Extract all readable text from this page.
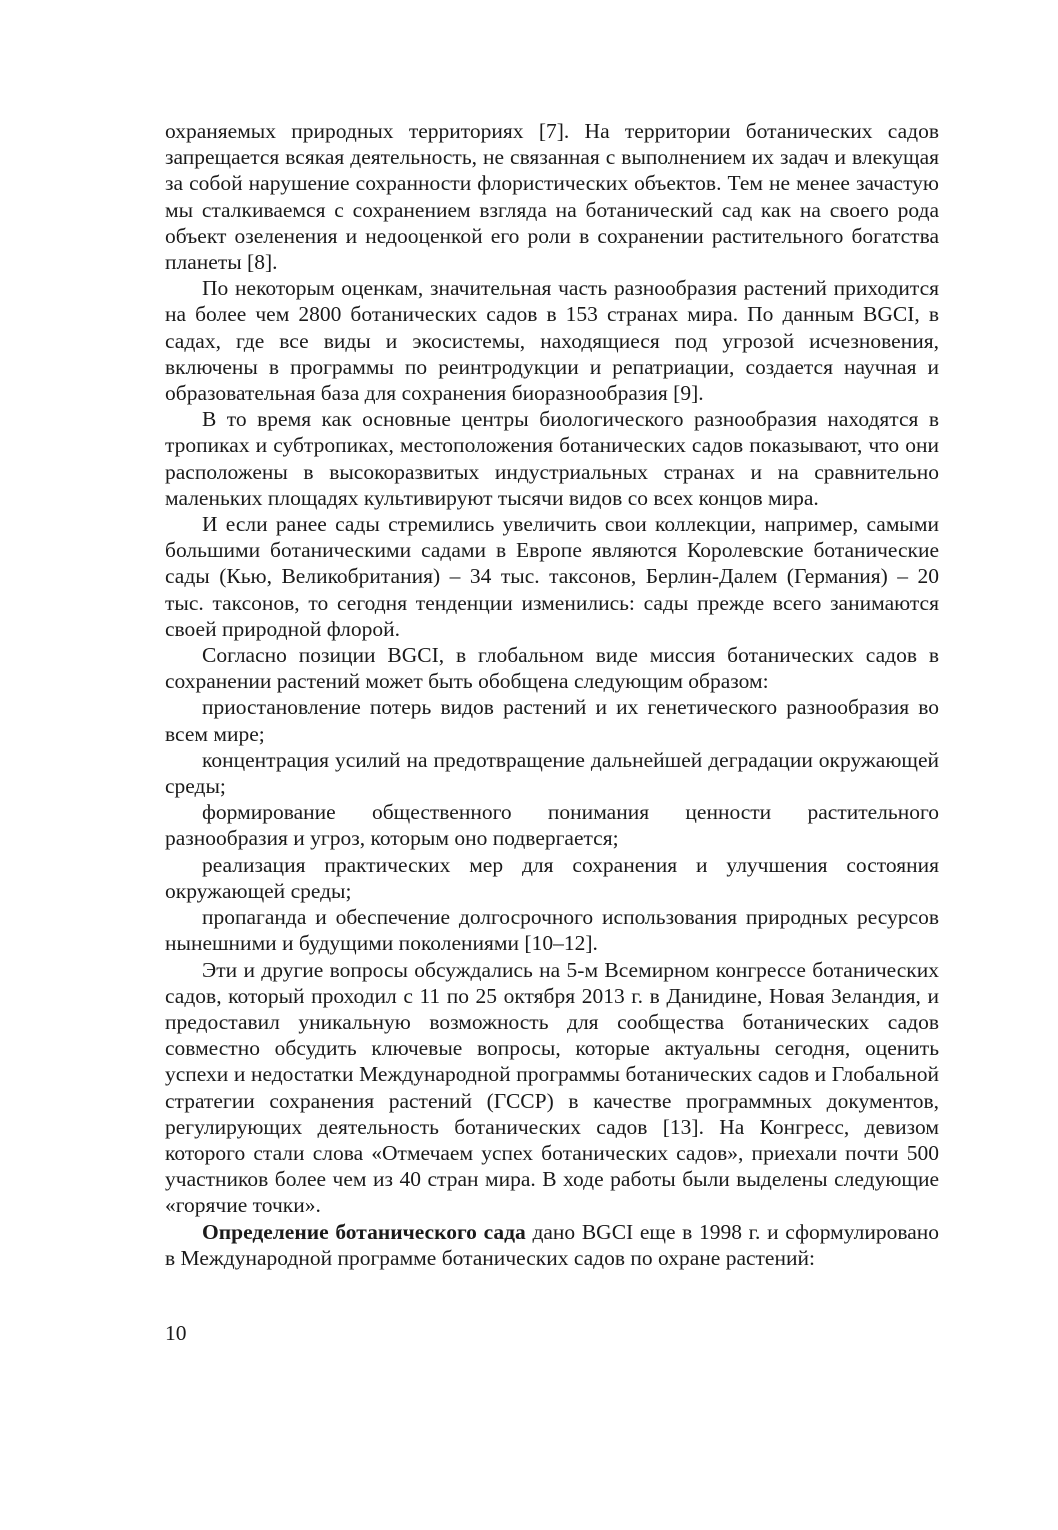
охраняемых природных территориях [7]. На территории ботанических садов запрещается всякая деятельность, не связанная с выполнением их задач и влекущая за собой нарушение сохранности флористических объектов. Тем не менее зачастую мы сталкиваемся с сохранением взгляда на ботанический сад как на своего рода объект озеленения и недооценкой его роли в сохранении растительного богатства планеты [8].

По некоторым оценкам, значительная часть разнообразия растений приходится на более чем 2800 ботанических садов в 153 странах мира. По данным BGCI, в садах, где все виды и экосистемы, находящиеся под угрозой исчезновения, включены в программы по реинтродукции и репатриации, создается научная и образовательная база для сохранения биоразнообразия [9].

В то время как основные центры биологического разнообразия находятся в тропиках и субтропиках, местоположения ботанических садов показывают, что они расположены в высокоразвитых индустриальных странах и на сравнительно маленьких площадях культивируют тысячи видов со всех концов мира.

И если ранее сады стремились увеличить свои коллекции, например, самыми большими ботаническими садами в Европе являются Королевские ботанические сады (Кью, Великобритания) – 34 тыс. таксонов, Берлин-Далем (Германия) – 20 тыс. таксонов, то сегодня тенденции изменились: сады прежде всего занимаются своей природной флорой.

Согласно позиции BGCI, в глобальном виде миссия ботанических садов в сохранении растений может быть обобщена следующим образом:

приостановление потерь видов растений и их генетического разнообразия во всем мире;

концентрация усилий на предотвращение дальнейшей деградации окружающей среды;

формирование общественного понимания ценности растительного разнообразия и угроз, которым оно подвергается;

реализация практических мер для сохранения и улучшения состояния окружающей среды;

пропаганда и обеспечение долгосрочного использования природных ресурсов нынешними и будущими поколениями [10–12].

Эти и другие вопросы обсуждались на 5-м Всемирном конгрессе ботанических садов, который проходил с 11 по 25 октября 2013 г. в Данидине, Новая Зеландия, и предоставил уникальную возможность для сообщества ботанических садов совместно обсудить ключевые вопросы, которые актуальны сегодня, оценить успехи и недостатки Международной программы ботанических садов и Глобальной стратегии сохранения растений (ГССР) в качестве программных документов, регулирующих деятельность ботанических садов [13]. На Конгресс, девизом которого стали слова «Отмечаем успех ботанических садов», приехали почти 500 участников более чем из 40 стран мира. В ходе работы были выделены следующие «горячие точки».

Определение ботанического сада дано BGCI еще в 1998 г. и сформулировано в Международной программе ботанических садов по охране растений:

10
